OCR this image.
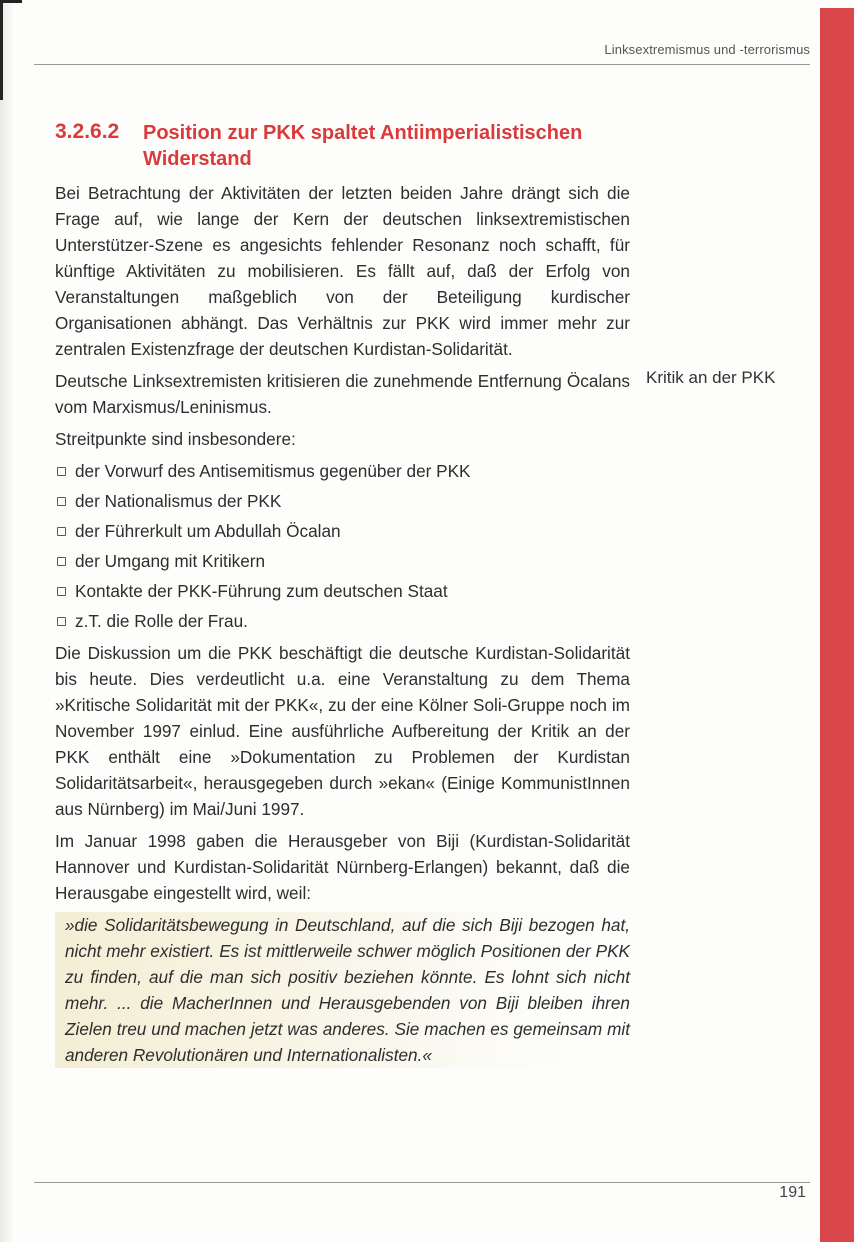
Linksextremismus und -terrorismus
3.2.6.2 Position zur PKK spaltet Antiimperialistischen Widerstand

Bei Betrachtung der Aktivitäten der letzten beiden Jahre drängt sich die Frage auf, wie lange der Kern der deutschen linksextremistischen Unterstützer-Szene es angesichts fehlender Resonanz noch schafft, für künftige Aktivitäten zu mobilisieren. Es fällt auf, daß der Erfolg von Veranstaltungen maßgeblich von der Beteiligung kurdischer Organisationen abhängt. Das Verhältnis zur PKK wird immer mehr zur zentralen Existenzfrage der deutschen Kurdistan-Solidarität.

Deutsche Linksextremisten kritisieren die zunehmende Entfernung Öcalans vom Marxismus/Leninismus.

Streitpunkte sind insbesondere:

der Vorwurf des Antisemitismus gegenüber der PKK
der Nationalismus der PKK
der Führerkult um Abdullah Öcalan
der Umgang mit Kritikern
Kontakte der PKK-Führung zum deutschen Staat
z.T. die Rolle der Frau.

Die Diskussion um die PKK beschäftigt die deutsche Kurdistan-Solidarität bis heute. Dies verdeutlicht u.a. eine Veranstaltung zu dem Thema »Kritische Solidarität mit der PKK«, zu der eine Kölner Soli-Gruppe noch im November 1997 einlud. Eine ausführliche Aufbereitung der Kritik an der PKK enthält eine »Dokumentation zu Problemen der Kurdistan Solidaritätsarbeit«, herausgegeben durch »ekan« (Einige KommunistInnen aus Nürnberg) im Mai/Juni 1997.

Im Januar 1998 gaben die Herausgeber von Biji (Kurdistan-Solidarität Hannover und Kurdistan-Solidarität Nürnberg-Erlangen) bekannt, daß die Herausgabe eingestellt wird, weil:

»die Solidaritätsbewegung in Deutschland, auf die sich Biji bezogen hat, nicht mehr existiert. Es ist mittlerweile schwer möglich Positionen der PKK zu finden, auf die man sich positiv beziehen könnte. Es lohnt sich nicht mehr. ... die MacherInnen und Herausgebenden von Biji bleiben ihren Zielen treu und machen jetzt was anderes. Sie machen es gemeinsam mit anderen Revolutionären und Internationalisten.«

Kritik an der PKK
191
